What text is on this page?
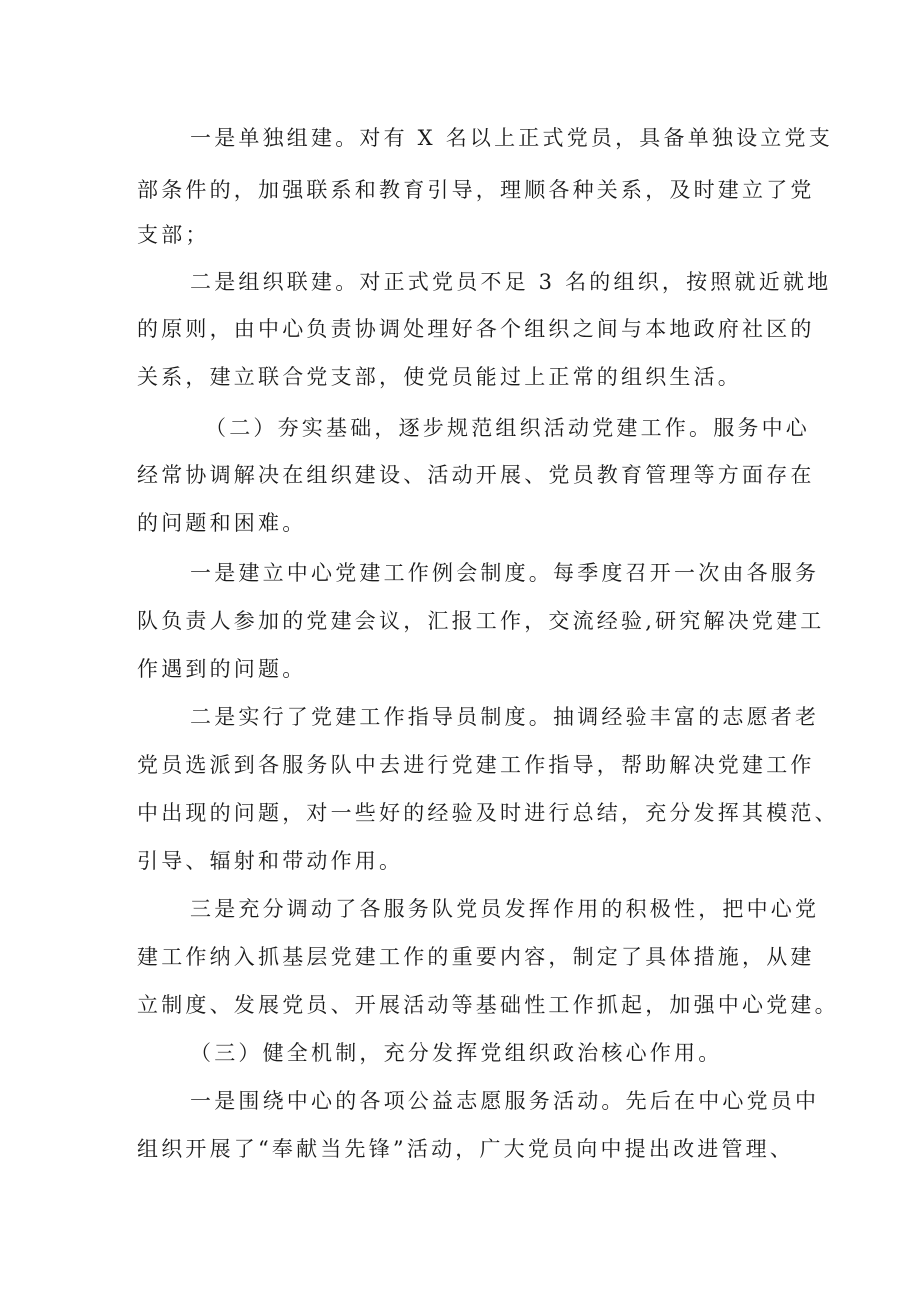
一是单独组建。对有 X 名以上正式党员，具备单独设立党支
部条件的，加强联系和教育引导，理顺各种关系，及时建立了党
支部；
二是组织联建。对正式党员不足 3 名的组织，按照就近就地
的原则，由中心负责协调处理好各个组织之间与本地政府社区的
关系，建立联合党支部，使党员能过上正常的组织生活。
（二）夯实基础，逐步规范组织活动党建工作。服务中心
经常协调解决在组织建设、活动开展、党员教育管理等方面存在
的问题和困难。
一是建立中心党建工作例会制度。每季度召开一次由各服务
队负责人参加的党建会议，汇报工作，交流经验,研究解决党建工
作遇到的问题。
二是实行了党建工作指导员制度。抽调经验丰富的志愿者老
党员选派到各服务队中去进行党建工作指导，帮助解决党建工作
中出现的问题，对一些好的经验及时进行总结，充分发挥其模范、
引导、辐射和带动作用。
三是充分调动了各服务队党员发挥作用的积极性，把中心党
建工作纳入抓基层党建工作的重要内容，制定了具体措施，从建
立制度、发展党员、开展活动等基础性工作抓起，加强中心党建。
（三）健全机制，充分发挥党组织政治核心作用。
一是围绕中心的各项公益志愿服务活动。先后在中心党员中
组织开展了“奉献当先锋”活动，广大党员向中提出改进管理、
